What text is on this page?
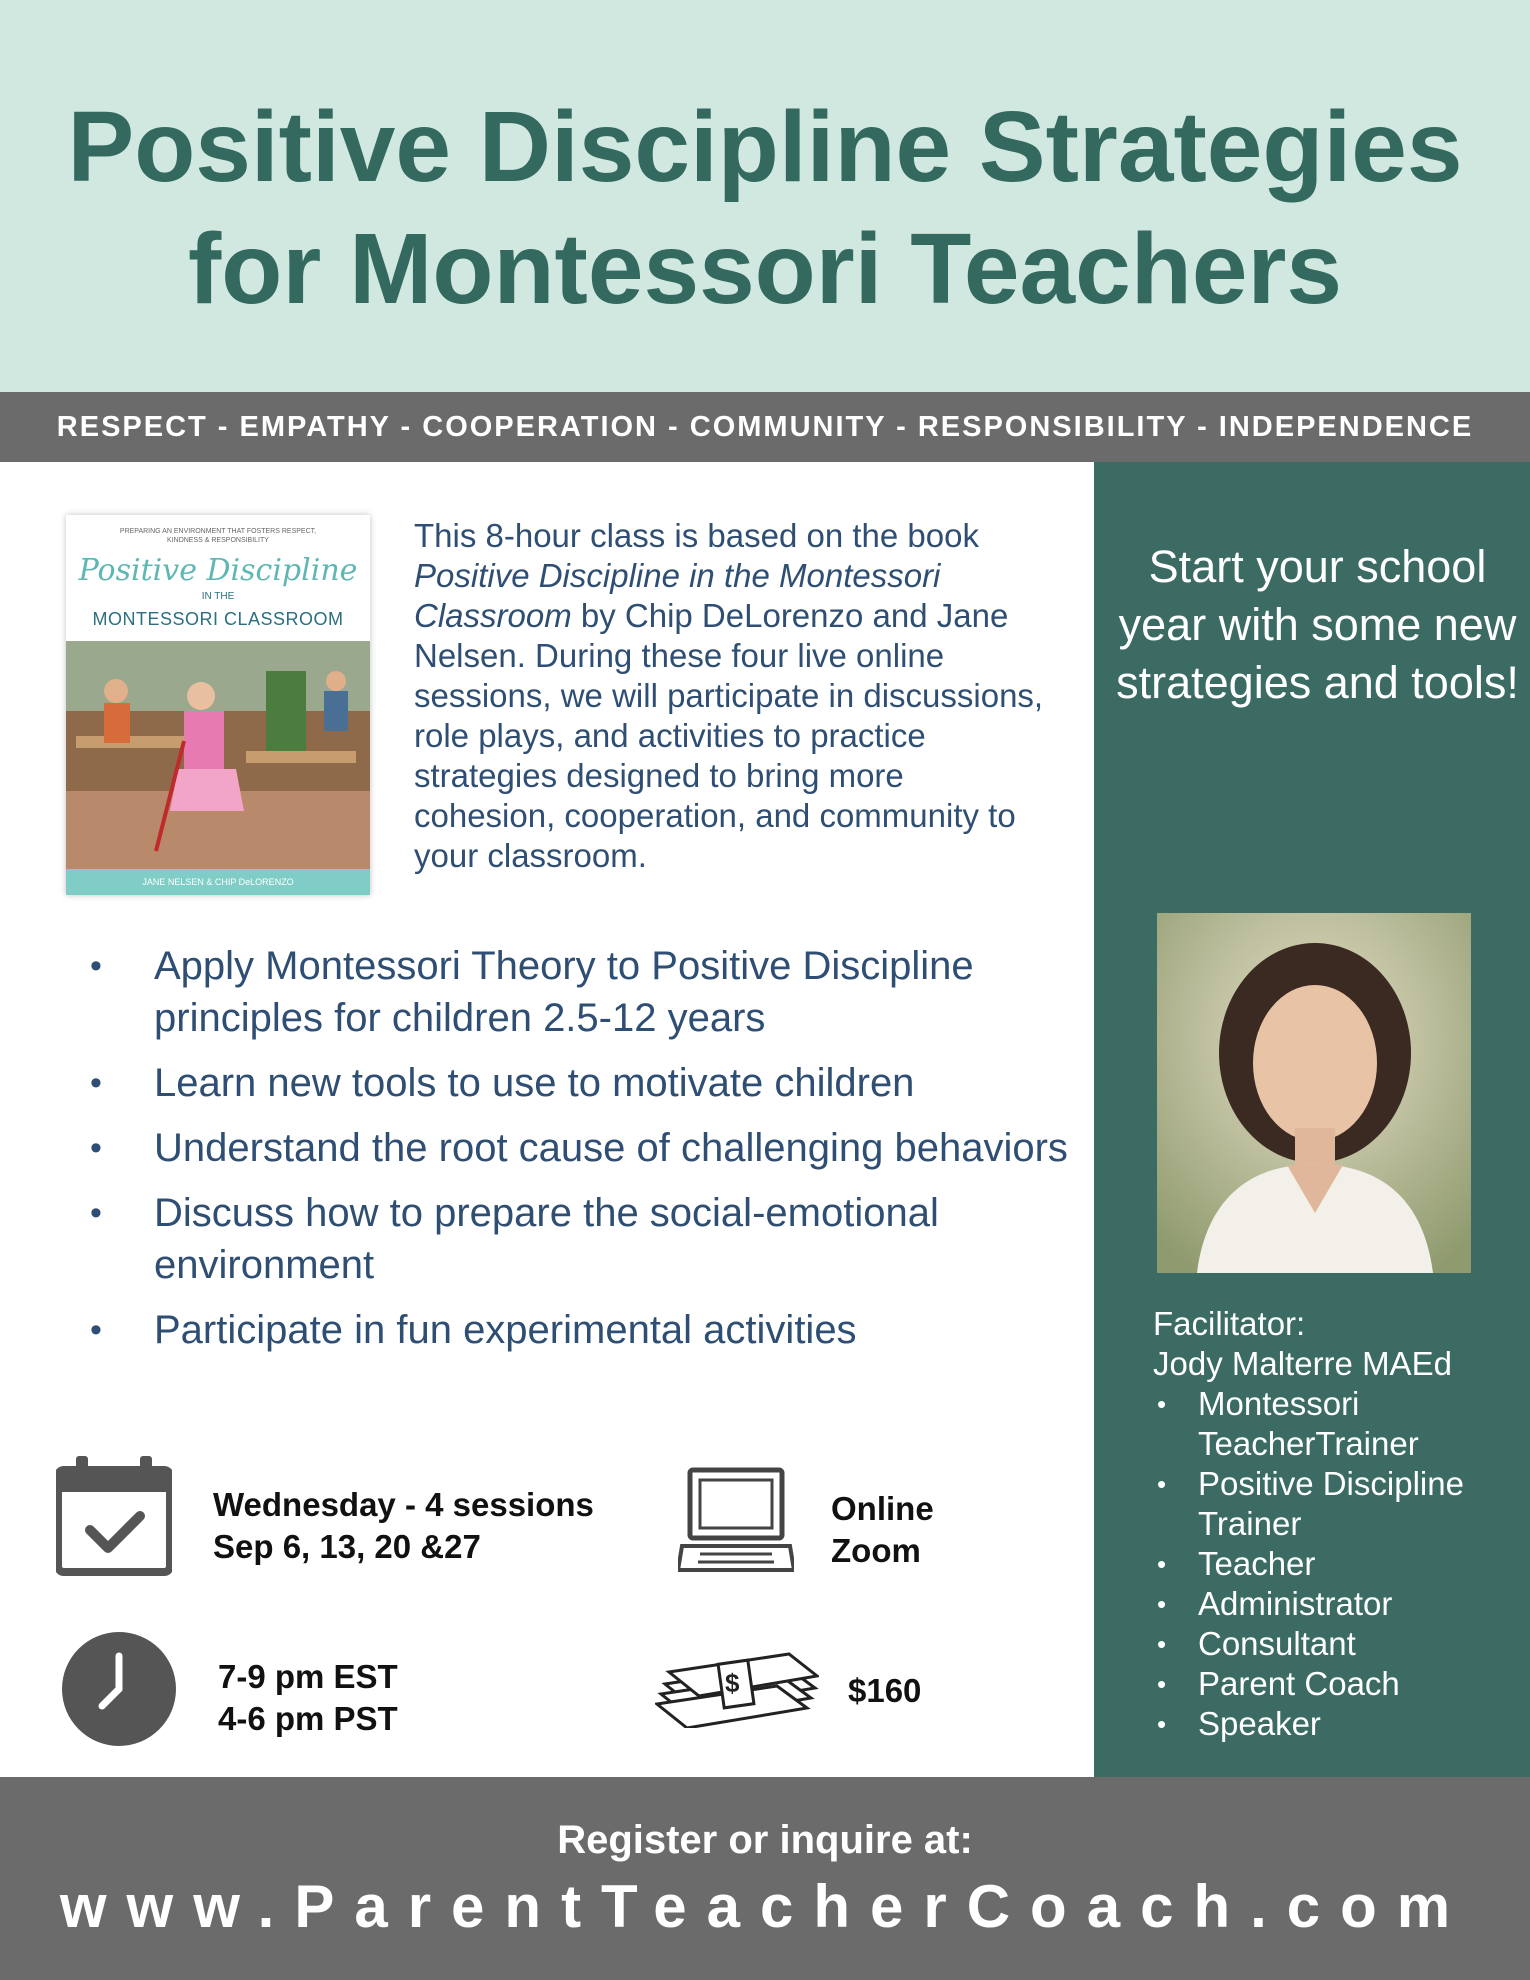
Positive Discipline Strategies
for Montessori Teachers
RESPECT - EMPATHY - COOPERATION - COMMUNITY - RESPONSIBILITY - INDEPENDENCE
PREPARING AN ENVIRONMENT THAT FOSTERS RESPECT, KINDNESS & RESPONSIBILITY
Positive Discipline
IN THE
MONTESSORI CLASSROOM
JANE NELSEN & CHIP DeLORENZO
This 8-hour class is based on the book Positive Discipline in the Montessori Classroom by Chip DeLorenzo and Jane Nelsen. During these four live online sessions, we will participate in discussions, role plays, and activities to practice strategies designed to bring more cohesion, cooperation, and community to your classroom.
• Apply Montessori Theory to Positive Discipline principles for children 2.5-12 years
• Learn new tools to use to motivate children
• Understand the root cause of challenging behaviors
• Discuss how to prepare the social-emotional environment
• Participate in fun experimental activities
Wednesday - 4 sessions
Sep 6, 13, 20 &27
Online
Zoom
7-9 pm EST
4-6 pm PST
$	$160
Start your school year with some new strategies and tools!
Facilitator:
Jody Malterre MAEd
• Montessori TeacherTrainer
• Positive Discipline Trainer
• Teacher
• Administrator
• Consultant
• Parent Coach
• Speaker
Register or inquire at:
www.ParentTeacherCoach.com
